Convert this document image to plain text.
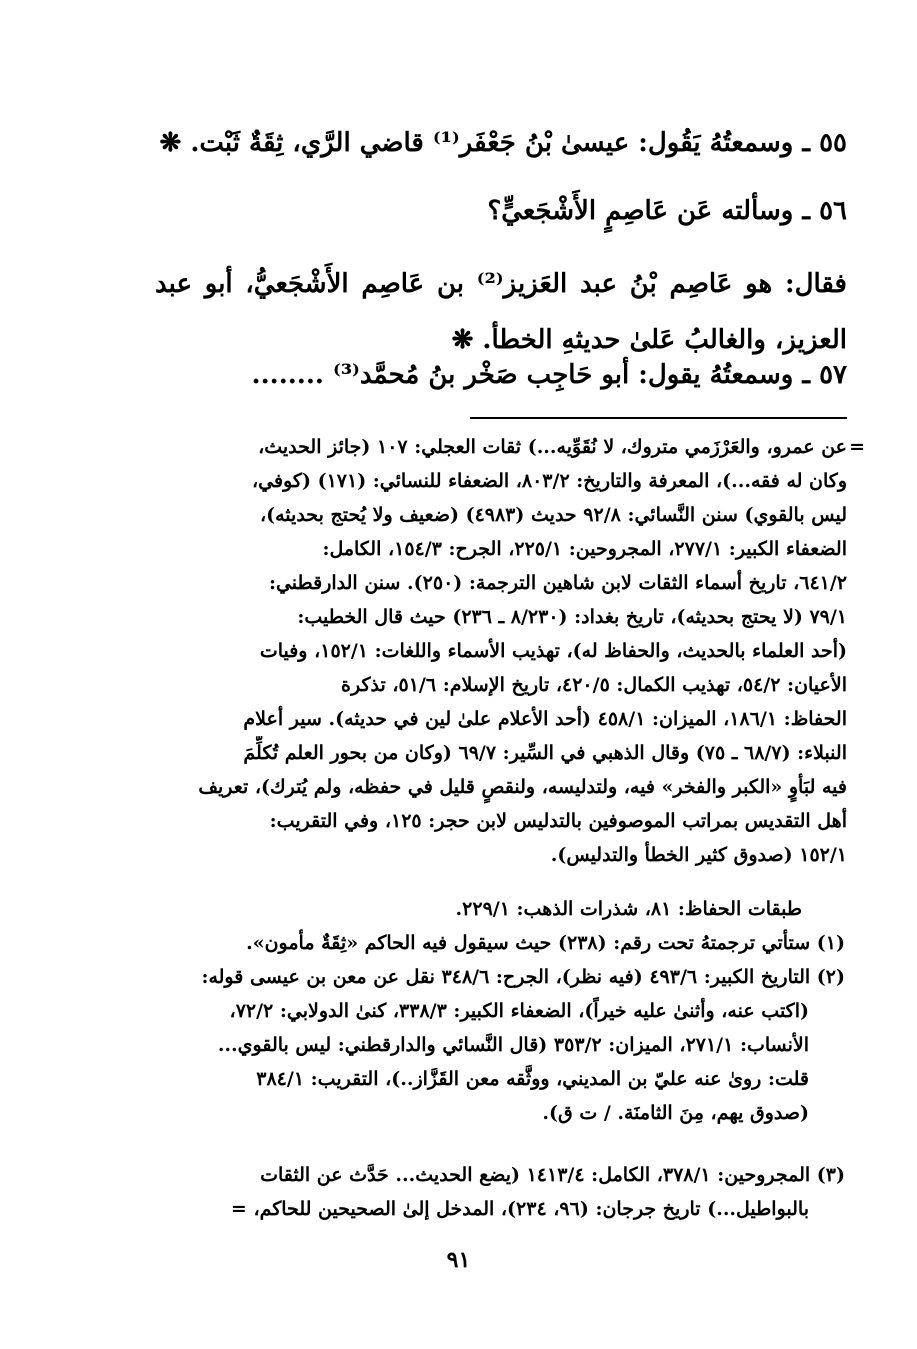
٥٥ ـ وسمعتُهُ يَقُول: عيسىٰ بْنُ جَعْفَر⁽¹⁾ قاضي الرَّي، ثِقَةٌ ثَبْت. ❋
٥٦ ـ وسألته عَن عَاصِمٍ الأَشْجَعيٍّ؟
فقال: هو عَاصِم بْنُ عبد العَزيز⁽²⁾ بن عَاصِم الأَشْجَعيُّ، أبو عبد العزيز، والغالبُ عَلىٰ حديثهِ الخطأ. ❋
٥٧ ـ وسمعتُهُ يقول: أبو حَاجِب صَخْر بنُ مُحمَّد⁽³⁾ ........
=
عن عمرو، والعَرْزَمي متروك، لا نُقَوِّيه...) ثقات العجلي: ١٠٧ (جائز الحديث،
وكان له فقه...)، المعرفة والتاريخ: ٨٠٣/٢، الضعفاء للنسائي: (١٧١) (كوفي،
ليس بالقوي) سنن النَّسائي: ٩٢/٨ حديث (٤٩٨٣) (ضعيف ولا يُحتج بحديثه)،
الضعفاء الكبير: ٢٧٧/١، المجروحين: ٢٢٥/١، الجرح: ١٥٤/٣، الكامل:
٦٤١/٢، تاريخ أسماء الثقات لابن شاهين الترجمة: (٢٥٠). سنن الدارقطني:
٧٩/١ (لا يحتج بحديثه)، تاريخ بغداد: (٨/٢٣٠ ـ ٢٣٦) حيث قال الخطيب:
(أحد العلماء بالحديث، والحفاظ له)، تهذيب الأسماء واللغات: ١٥٢/١، وفيات
الأعيان: ٥٤/٢، تهذيب الكمال: ٤٢٠/٥، تاريخ الإسلام: ٥١/٦، تذكرة
الحفاظ: ١٨٦/١، الميزان: ٤٥٨/١ (أحد الأعلام علىٰ لين في حديثه). سير أعلام
النبلاء: (٦٨/٧ ـ ٧٥) وقال الذهبي في السِّير: ٦٩/٧ (وكان من بحور العلم تُكلِّمَ
فيه لبَأوٍ «الكبر والفخر» فيه، ولتدليسه، ولنقصٍ قليل في حفظه، ولم يُترك)، تعريف
أهل التقديس بمراتب الموصوفين بالتدليس لابن حجر: ١٢٥، وفي التقريب:
١٥٢/١ (صدوق كثير الخطأ والتدليس).
طبقات الحفاظ: ٨١، شذرات الذهب: ٢٢٩/١.
(١) ستأتي ترجمتهُ تحت رقم: (٢٣٨) حيث سيقول فيه الحاكم «ثِقَةٌ مأمون».
(٢) التاريخ الكبير: ٤٩٣/٦ (فيه نظر)، الجرح: ٣٤٨/٦ نقل عن معن بن عيسى قوله:
(اكتب عنه، وأثنىٰ عليه خيراً)، الضعفاء الكبير: ٣٣٨/٣، كنىٰ الدولابي: ٧٢/٢،
الأنساب: ٢٧١/١، الميزان: ٣٥٣/٢ (قال النَّسائي والدارقطني: ليس بالقوي...
قلت: روىٰ عنه عليّ بن المديني، ووثَّقه معن القَزَّاز..)، التقريب: ٣٨٤/١
(صدوق يهم، مِنَ الثامنَة. / ت ق).
(٣) المجروحين: ٣٧٨/١، الكامل: ١٤١٣/٤ (يضع الحديث... حَدَّث عن الثقات
بالبواطيل...) تاريخ جرجان: (٩٦، ٢٣٤)، المدخل إلىٰ الصحيحين للحاكم، =
٩١
